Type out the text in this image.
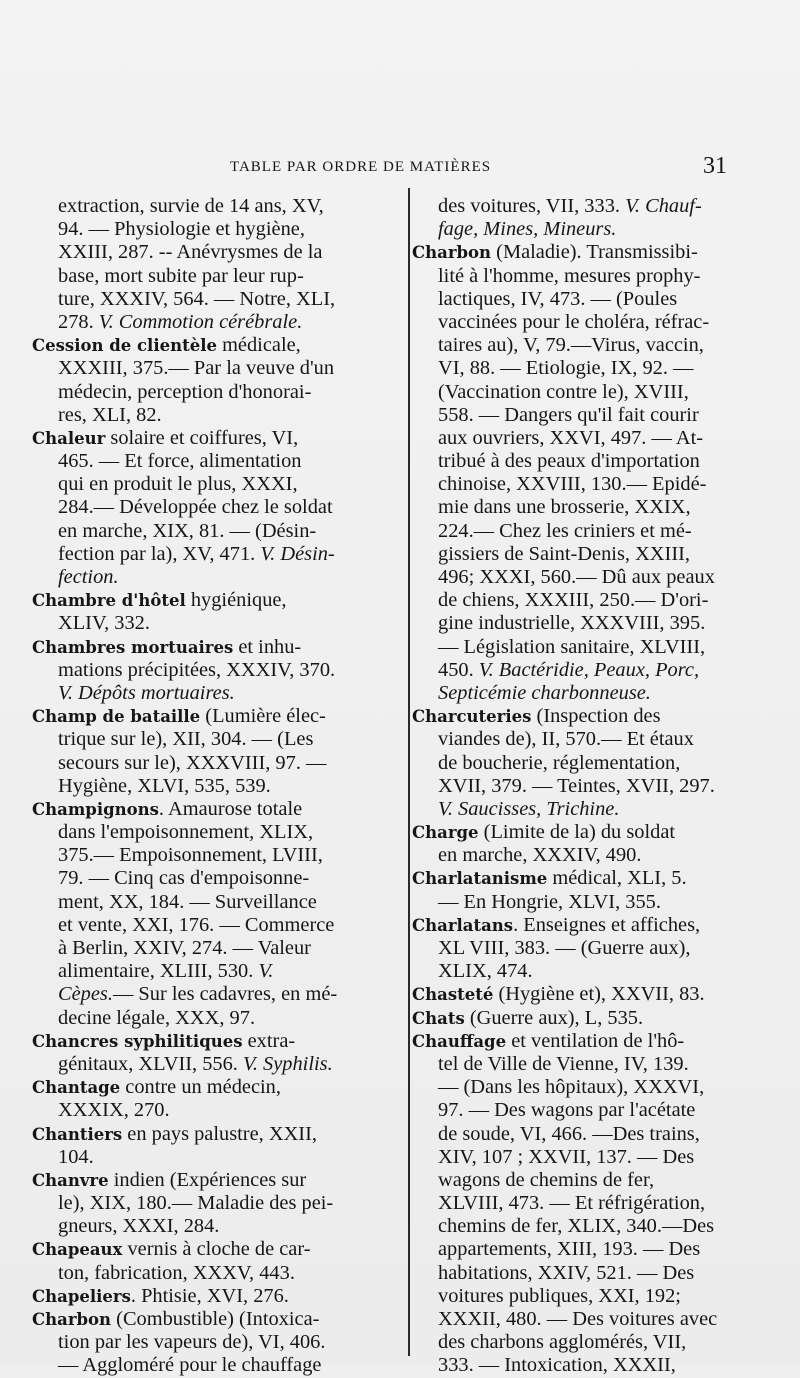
TABLE PAR ORDRE DE MATIÈRES	31
extraction, survie de 14 ans, XV,
94. — Physiologie et hygiène,
XXIII, 287. -- Anévrysmes de la
base, mort subite par leur rup-
ture, XXXIV, 564. — Notre, XLI,
278. V. Commotion cérébrale.
Cession de clientèle médicale,
XXXIII, 375.— Par la veuve d'un
médecin, perception d'honorai-
res, XLI, 82.
Chaleur solaire et coiffures, VI,
465. — Et force, alimentation
qui en produit le plus, XXXI,
284.— Développée chez le soldat
en marche, XIX, 81. — (Désin-
fection par la), XV, 471. V. Désin-
fection.
Chambre d'hôtel hygiénique,
XLIV, 332.
Chambres mortuaires et inhu-
mations précipitées, XXXIV, 370.
V. Dépôts mortuaires.
Champ de bataille (Lumière élec-
trique sur le), XII, 304. — (Les
secours sur le), XXXVIII, 97. —
Hygiène, XLVI, 535, 539.
Champignons. Amaurose totale
dans l'empoisonnement, XLIX,
375.— Empoisonnement, LVIII,
79. — Cinq cas d'empoisonne-
ment, XX, 184. — Surveillance
et vente, XXI, 176. — Commerce
à Berlin, XXIV, 274. — Valeur
alimentaire, XLIII, 530. V.
Cèpes.— Sur les cadavres, en mé-
decine légale, XXX, 97.
Chancres syphilitiques extra-
génitaux, XLVII, 556. V. Syphilis.
Chantage contre un médecin,
XXXIX, 270.
Chantiers en pays palustre, XXII,
104.
Chanvre indien (Expériences sur
le), XIX, 180.— Maladie des pei-
gneurs, XXXI, 284.
Chapeaux vernis à cloche de car-
ton, fabrication, XXXV, 443.
Chapeliers. Phtisie, XVI, 276.
Charbon (Combustible) (Intoxica-
tion par les vapeurs de), VI, 406.
— Aggloméré pour le chauffage
des voitures, VII, 333. V. Chauf-
fage, Mines, Mineurs.
Charbon (Maladie). Transmissibi-
lité à l'homme, mesures prophy-
lactiques, IV, 473. — (Poules
vaccinées pour le choléra, réfrac-
taires au), V, 79.—Virus, vaccin,
VI, 88. — Etiologie, IX, 92. —
(Vaccination contre le), XVIII,
558. — Dangers qu'il fait courir
aux ouvriers, XXVI, 497. — At-
tribué à des peaux d'importation
chinoise, XXVIII, 130.— Epidé-
mie dans une brosserie, XXIX,
224.— Chez les criniers et mé-
gissiers de Saint-Denis, XXIII,
496; XXXI, 560.— Dû aux peaux
de chiens, XXXIII, 250.— D'ori-
gine industrielle, XXXVIII, 395.
— Législation sanitaire, XLVIII,
450. V. Bactéridie, Peaux, Porc,
Septicémie charbonneuse.
Charcuteries (Inspection des
viandes de), II, 570.— Et étaux
de boucherie, réglementation,
XVII, 379. — Teintes, XVII, 297.
V. Saucisses, Trichine.
Charge (Limite de la) du soldat
en marche, XXXIV, 490.
Charlatanisme médical, XLI, 5.
— En Hongrie, XLVI, 355.
Charlatans. Enseignes et affiches,
XL VIII, 383. — (Guerre aux),
XLIX, 474.
Chasteté (Hygiène et), XXVII, 83.
Chats (Guerre aux), L, 535.
Chauffage et ventilation de l'hô-
tel de Ville de Vienne, IV, 139.
— (Dans les hôpitaux), XXXVI,
97. — Des wagons par l'acétate
de soude, VI, 466. —Des trains,
XIV, 107 ; XXVII, 137. — Des
wagons de chemins de fer,
XLVIII, 473. — Et réfrigération,
chemins de fer, XLIX, 340.—Des
appartements, XIII, 193. — Des
habitations, XXIV, 521. — Des
voitures publiques, XXI, 192;
XXXII, 480. — Des voitures avec
des charbons agglomérés, VII,
333. — Intoxication, XXXII,
